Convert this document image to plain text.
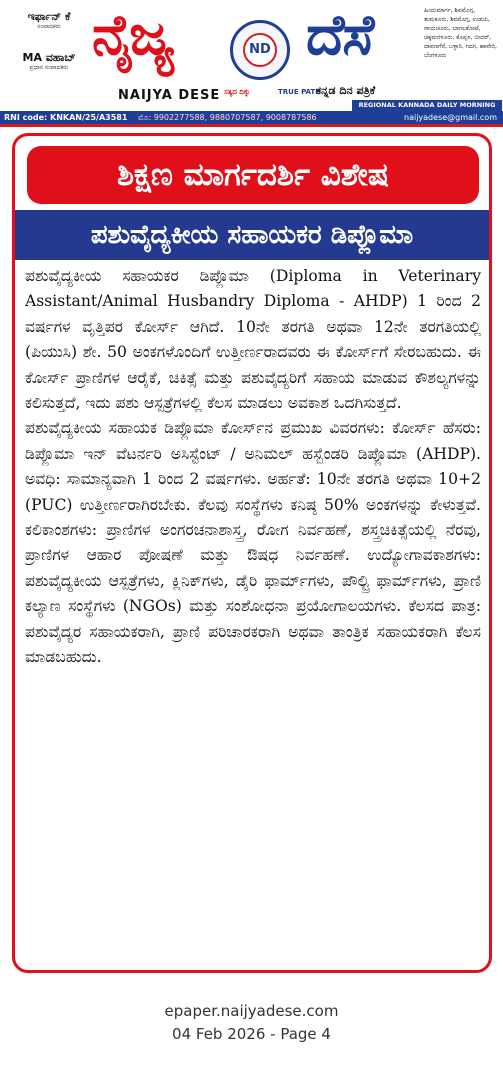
ಇರ್ಫಾನ್ ಕೆ
ಸಂಪಾದಕರು
MA ವಹಾಬ್
ಪ್ರಧಾನ ಸಂಪಾದಕರು ನೈಜ್ಯ
NAIJYA DESE
ND
ಸತ್ಯದ ದಿಕ್ಕು	TRUE PATH
ದೆಸೆ
ಕನ್ನಡ ದಿನ ಪತ್ರಿಕೆ
ಹಿಂದುಮಾರ್ಗ, ಶಿವಮೊಗ್ಗ, ತುಮಕೂರು, ಶಿವಮೊಗ್ಗ, ಉಡುಪಿ, ರಾಯಚೂರು, ಬಾಗಲಕೋಟೆ, ಚಿಕ್ಕಮಗಳೂರು, ಕೊಪ್ಪಳ, ಬೀದರ್, ದಾವಣಗೆರೆ, ಬಳ್ಳಾರಿ, ಗದಗ, ಹಾವೇರಿ, ಬೆಂಗಳೂರು
REGIONAL KANNADA DAILY MORNING
RNI code: KNKAN/25/A3581 ಮೊ: 9902277588, 9880707587, 9008787586	naijyadese@gmail.com
ಶಿಕ್ಷಣ ಮಾರ್ಗದರ್ಶಿ ವಿಶೇಷ
ಪಶುವೈದ್ಯಕೀಯ ಸಹಾಯಕರ ಡಿಪ್ಲೊಮಾ

ಪಶುವೈದ್ಯಕೀಯ ಸಹಾಯಕರ ಡಿಪ್ಲೊಮಾ (Diploma in Veterinary Assistant/Animal Husbandry Diploma - AHDP) 1 ರಿಂದ 2 ವರ್ಷಗಳ ವೃತ್ತಿಪರ ಕೋರ್ಸ್ ಆಗಿದೆ. 10ನೇ ತರಗತಿ ಅಥವಾ 12ನೇ ತರಗತಿಯಲ್ಲಿ (ಪಿಯುಸಿ) ಶೇ. 50 ಅಂಕಗಳೊಂದಿಗೆ ಉತ್ತೀರ್ಣರಾದವರು ಈ ಕೋರ್ಸ್‌ಗೆ ಸೇರಬಹುದು. ಈ ಕೋರ್ಸ್ ಪ್ರಾಣಿಗಳ ಆರೈಕೆ, ಚಿಕಿತ್ಸೆ ಮತ್ತು ಪಶುವೈದ್ಯರಿಗೆ ಸಹಾಯ ಮಾಡುವ ಕೌಶಲ್ಯಗಳನ್ನು ಕಲಿಸುತ್ತದೆ, ಇದು ಪಶು ಆಸ್ಪತ್ರೆಗಳಲ್ಲಿ ಕೆಲಸ ಮಾಡಲು ಅವಕಾಶ ಒದಗಿಸುತ್ತದೆ.

ಪಶುವೈದ್ಯಕೀಯ ಸಹಾಯಕ ಡಿಪ್ಲೊಮಾ ಕೋರ್ಸ್‌ನ ಪ್ರಮುಖ ವಿವರಗಳು: ಕೋರ್ಸ್ ಹೆಸರು: ಡಿಪ್ಲೊಮಾ ಇನ್ ವೆಟರ್ನರಿ ಅಸಿಸ್ಟೆಂಟ್ / ಅನಿಮಲ್ ಹಸ್ಬೆಂಡರಿ ಡಿಪ್ಲೊಮಾ (AHDP). ಅವಧಿ: ಸಾಮಾನ್ಯವಾಗಿ 1 ರಿಂದ 2 ವರ್ಷಗಳು. ಅರ್ಹತೆ: 10ನೇ ತರಗತಿ ಅಥವಾ 10+2 (PUC) ಉತ್ತೀರ್ಣರಾಗಿರಬೇಕು. ಕೆಲವು ಸಂಸ್ಥೆಗಳು ಕನಿಷ್ಠ 50% ಅಂಕಗಳನ್ನು ಕೇಳುತ್ತವೆ. ಕಲಿಕಾಂಶಗಳು: ಪ್ರಾಣಿಗಳ ಅಂಗರಚನಾಶಾಸ್ತ್ರ, ರೋಗ ನಿರ್ವಹಣೆ, ಶಸ್ತ್ರಚಿಕಿತ್ಸೆಯಲ್ಲಿ ನೆರವು, ಪ್ರಾಣಿಗಳ ಆಹಾರ ಪೋಷಣೆ ಮತ್ತು ಔಷಧ ನಿರ್ವಹಣೆ. ಉದ್ಯೋಗಾವಕಾಶಗಳು: ಪಶುವೈದ್ಯಕೀಯ ಆಸ್ಪತ್ರೆಗಳು, ಕ್ಲಿನಿಕ್‌ಗಳು, ಡೈರಿ ಫಾರ್ಮ್‌ಗಳು, ಪೌಲ್ಟ್ರಿ ಫಾರ್ಮ್‌ಗಳು, ಪ್ರಾಣಿ ಕಲ್ಯಾಣ ಸಂಸ್ಥೆಗಳು (NGOs) ಮತ್ತು ಸಂಶೋಧನಾ ಪ್ರಯೋಗಾಲಯಗಳು. ಕೆಲಸದ ಪಾತ್ರ: ಪಶುವೈದ್ಯರ ಸಹಾಯಕರಾಗಿ, ಪ್ರಾಣಿ ಪರಿಚಾರಕರಾಗಿ ಅಥವಾ ತಾಂತ್ರಿಕ ಸಹಾಯಕರಾಗಿ ಕೆಲಸ ಮಾಡಬಹುದು.

epaper.naijyadese.com
04 Feb 2026 - Page 4
